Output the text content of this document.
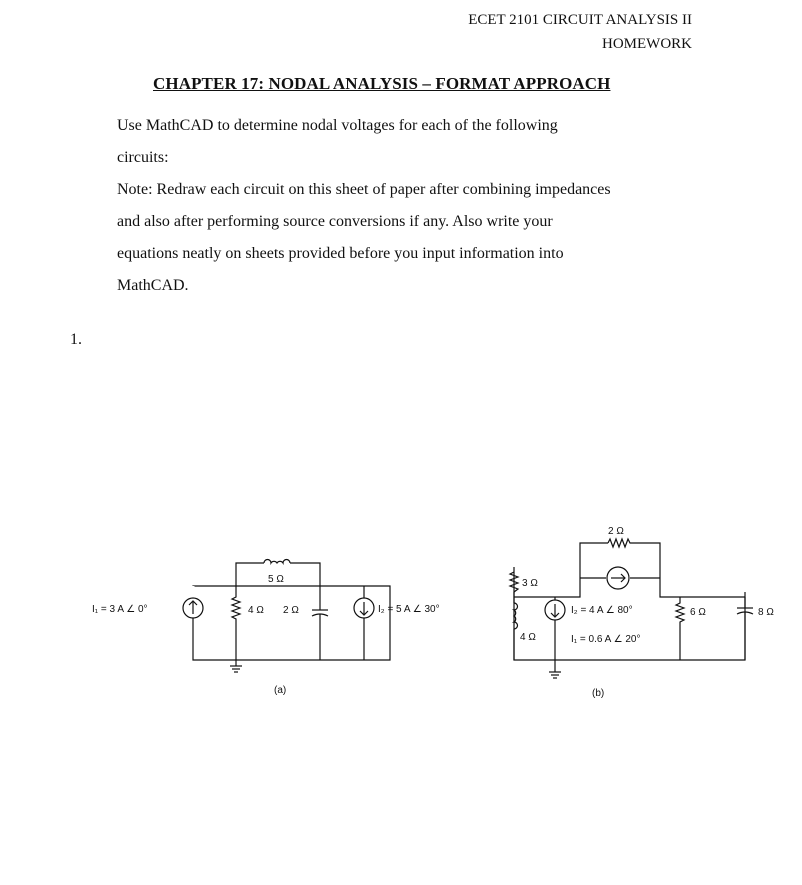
ECET 2101 CIRCUIT ANALYSIS II
HOMEWORK
CHAPTER 17: NODAL ANALYSIS – FORMAT APPROACH
Use MathCAD to determine nodal voltages for each of the following
circuits:
Note: Redraw each circuit on this sheet of paper after combining impedances
and also after performing source conversions if any. Also write your
equations neatly on sheets provided before you input information into
MathCAD.
1.
I₁ = 3 A ∠ 0°
5 Ω
4 Ω 2 Ω	I₂ = 5 A ∠ 30°
(a)
2 Ω
3 Ω
4 Ω
I₂ = 4 A ∠ 80°
I₁ = 0.6 A ∠ 20°
6 Ω	8 Ω
(b)
